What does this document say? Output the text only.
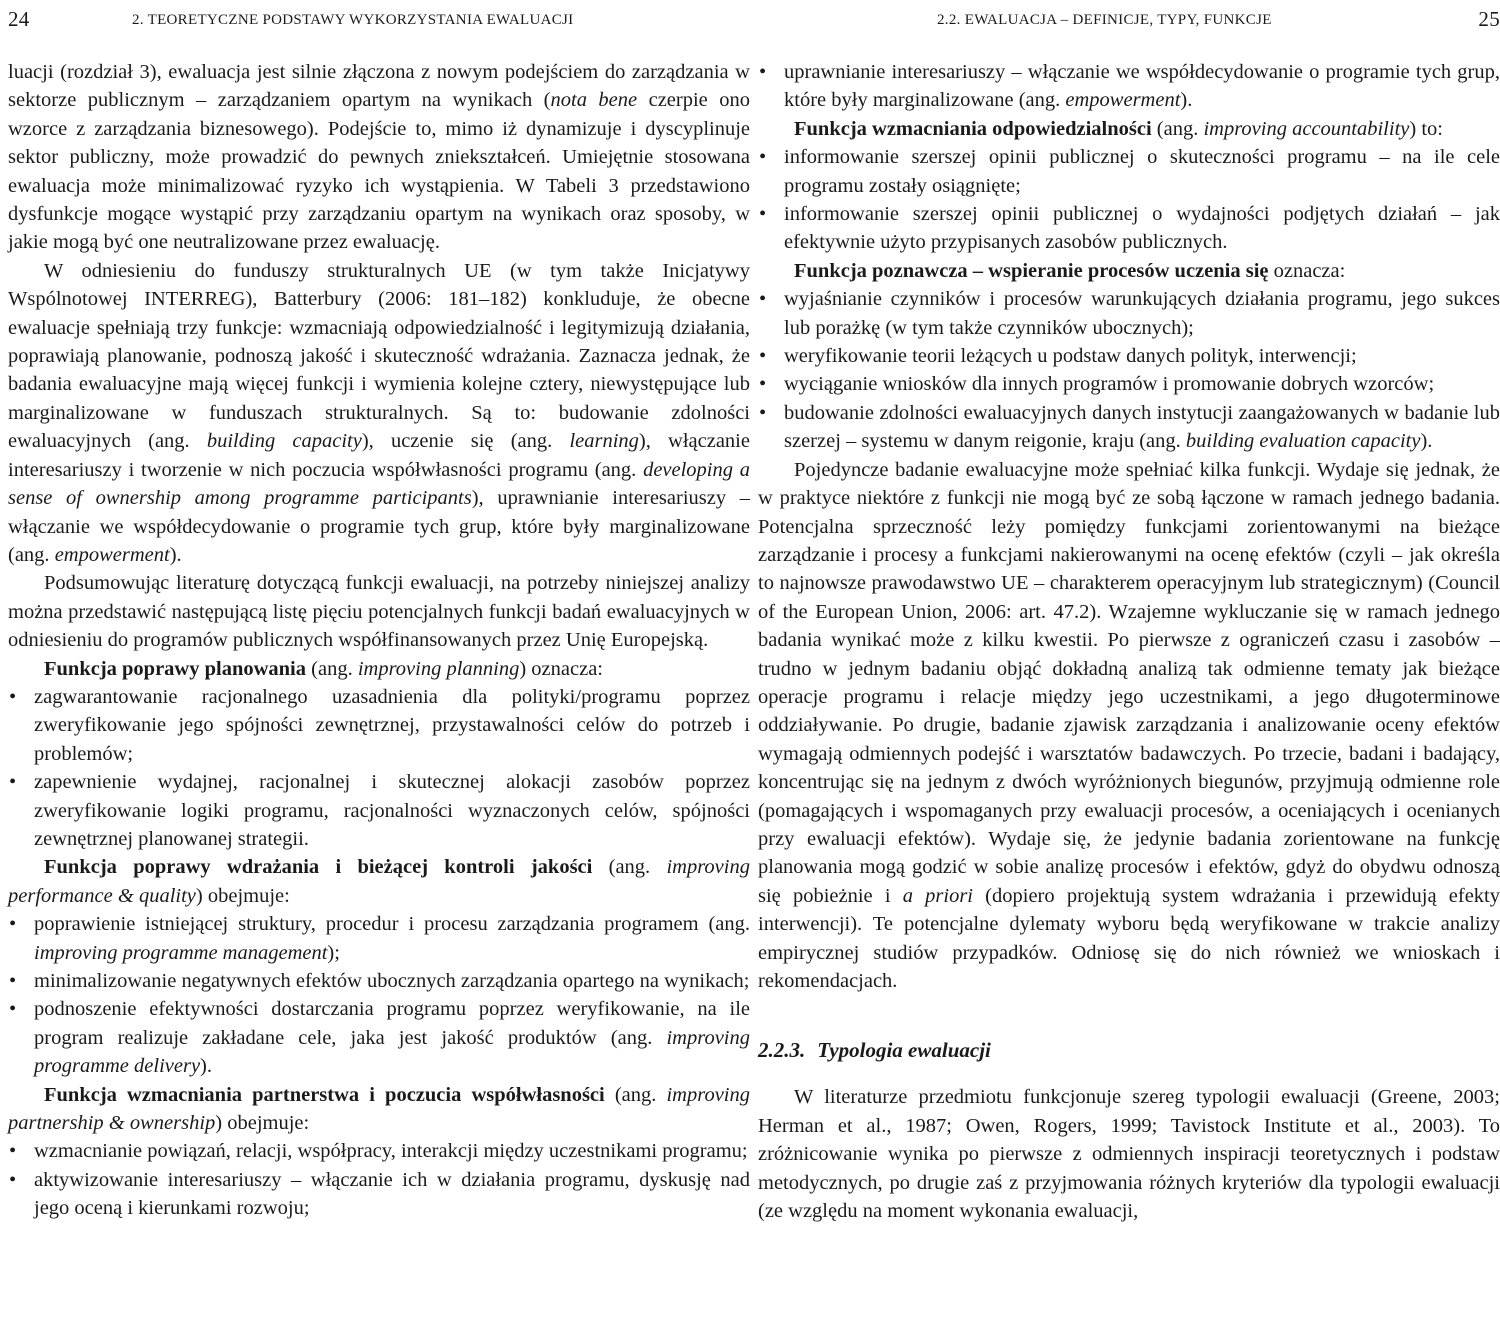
24	2. TEORETYCZNE PODSTAWY WYKORZYSTANIA EWALUACJI

luacji (rozdział 3), ewaluacja jest silnie złączona z nowym podejściem do zarządzania w sektorze publicznym – zarządzaniem opartym na wynikach (nota bene czerpie ono wzorce z zarządzania biznesowego). Podejście to, mimo iż dynamizuje i dyscyplinuje sektor publiczny, może prowadzić do pewnych zniekształceń. Umiejętnie stosowana ewaluacja może minimalizować ryzyko ich wystąpienia. W Tabeli 3 przedstawiono dysfunkcje mogące wystąpić przy zarządzaniu opartym na wynikach oraz sposoby, w jakie mogą być one neutralizowane przez ewaluację.

W odniesieniu do funduszy strukturalnych UE (w tym także Inicjatywy Wspólnotowej INTERREG), Batterbury (2006: 181–182) konkluduje, że obecne ewaluacje spełniają trzy funkcje: wzmacniają odpowiedzialność i legitymizują działania, poprawiają planowanie, podnoszą jakość i skuteczność wdrażania. Zaznacza jednak, że badania ewaluacyjne mają więcej funkcji i wymienia kolejne cztery, niewystępujące lub marginalizowane w funduszach strukturalnych. Są to: budowanie zdolności ewaluacyjnych (ang. building capacity), uczenie się (ang. learning), włączanie interesariuszy i tworzenie w nich poczucia współwłasności programu (ang. developing a sense of ownership among programme participants), uprawnianie interesariuszy – włączanie we współdecydowanie o programie tych grup, które były marginalizowane (ang. empowerment).

Podsumowując literaturę dotyczącą funkcji ewaluacji, na potrzeby niniejszej analizy można przedstawić następującą listę pięciu potencjalnych funkcji badań ewaluacyjnych w odniesieniu do programów publicznych współfinansowanych przez Unię Europejską.

Funkcja poprawy planowania (ang. improving planning) oznacza:

• zagwarantowanie racjonalnego uzasadnienia dla polityki/programu poprzez zweryfikowanie jego spójności zewnętrznej, przystawalności celów do potrzeb i problemów;
• zapewnienie wydajnej, racjonalnej i skutecznej alokacji zasobów poprzez zweryfikowanie logiki programu, racjonalności wyznaczonych celów, spójności zewnętrznej planowanej strategii.

Funkcja poprawy wdrażania i bieżącej kontroli jakości (ang. improving performance & quality) obejmuje:

• poprawienie istniejącej struktury, procedur i procesu zarządzania programem (ang. improving programme management);
• minimalizowanie negatywnych efektów ubocznych zarządzania opartego na wynikach;
• podnoszenie efektywności dostarczania programu poprzez weryfikowanie, na ile program realizuje zakładane cele, jaka jest jakość produktów (ang. improving programme delivery).

Funkcja wzmacniania partnerstwa i poczucia współwłasności (ang. improving partnership & ownership) obejmuje:

• wzmacnianie powiązań, relacji, współpracy, interakcji między uczestnikami programu;
• aktywizowanie interesariuszy – włączanie ich w działania programu, dyskusję nad jego oceną i kierunkami rozwoju;
2.2. EWALUACJA – DEFINICJE, TYPY, FUNKCJE	25
• uprawnianie interesariuszy – włączanie we współdecydowanie o programie tych grup, które były marginalizowane (ang. empowerment).

Funkcja wzmacniania odpowiedzialności (ang. improving accountability) to:

• informowanie szerszej opinii publicznej o skuteczności programu – na ile cele programu zostały osiągnięte;
• informowanie szerszej opinii publicznej o wydajności podjętych działań – jak efektywnie użyto przypisanych zasobów publicznych.

Funkcja poznawcza – wspieranie procesów uczenia się oznacza:

• wyjaśnianie czynników i procesów warunkujących działania programu, jego sukces lub porażkę (w tym także czynników ubocznych);
• weryfikowanie teorii leżących u podstaw danych polityk, interwencji;
• wyciąganie wniosków dla innych programów i promowanie dobrych wzorców;
• budowanie zdolności ewaluacyjnych danych instytucji zaangażowanych w badanie lub szerzej – systemu w danym reigonie, kraju (ang. building evaluation capacity).

Pojedyncze badanie ewaluacyjne może spełniać kilka funkcji. Wydaje się jednak, że w praktyce niektóre z funkcji nie mogą być ze sobą łączone w ramach jednego badania. Potencjalna sprzeczność leży pomiędzy funkcjami zorientowanymi na bieżące zarządzanie i procesy a funkcjami nakierowanymi na ocenę efektów (czyli – jak określa to najnowsze prawodawstwo UE – charakterem operacyjnym lub strategicznym) (Council of the European Union, 2006: art. 47.2). Wzajemne wykluczanie się w ramach jednego badania wynikać może z kilku kwestii. Po pierwsze z ograniczeń czasu i zasobów – trudno w jednym badaniu objąć dokładną analizą tak odmienne tematy jak bieżące operacje programu i relacje między jego uczestnikami, a jego długoterminowe oddziaływanie. Po drugie, badanie zjawisk zarządzania i analizowanie oceny efektów wymagają odmiennych podejść i warsztatów badawczych. Po trzecie, badani i badający, koncentrując się na jednym z dwóch wyróżnionych biegunów, przyjmują odmienne role (pomagających i wspomaganych przy ewaluacji procesów, a oceniających i ocenianych przy ewaluacji efektów). Wydaje się, że jedynie badania zorientowane na funkcję planowania mogą godzić w sobie analizę procesów i efektów, gdyż do obydwu odnoszą się pobieżnie i a priori (dopiero projektują system wdrażania i przewidują efekty interwencji). Te potencjalne dylematy wyboru będą weryfikowane w trakcie analizy empirycznej studiów przypadków. Odniosę się do nich również we wnioskach i rekomendacjach.

2.2.3. Typologia ewaluacji

W literaturze przedmiotu funkcjonuje szereg typologii ewaluacji (Greene, 2003; Herman et al., 1987; Owen, Rogers, 1999; Tavistock Institute et al., 2003). To zróżnicowanie wynika po pierwsze z odmiennych inspiracji teoretycznych i podstaw metodycznych, po drugie zaś z przyjmowania różnych kryteriów dla typologii ewaluacji (ze względu na moment wykonania ewaluacji,
